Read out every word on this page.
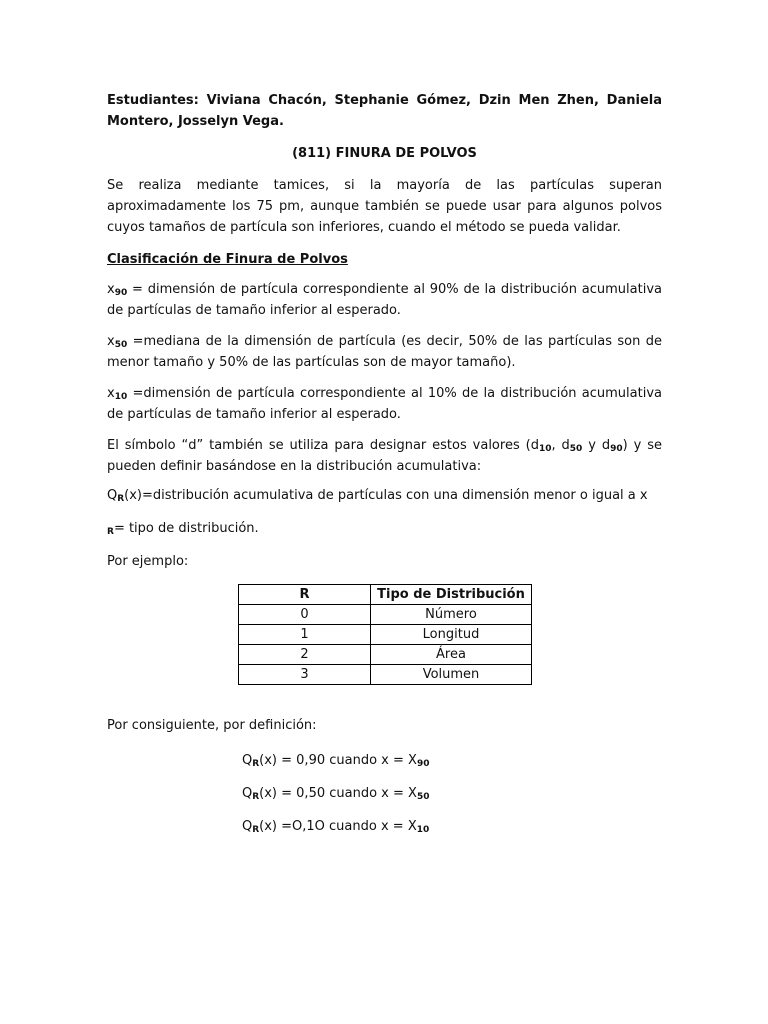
Estudiantes: Viviana Chacón, Stephanie Gómez, Dzin Men Zhen, Daniela Montero, Josselyn Vega.

(811) FINURA DE POLVOS

Se realiza mediante tamices, si la mayoría de las partículas superan aproximadamente los 75 pm, aunque también se puede usar para algunos polvos cuyos tamaños de partícula son inferiores, cuando el método se pueda validar.

Clasificación de Finura de Polvos

$x_{90}$ = dimensión de partícula correspondiente al 90% de la distribución acumulativa de partículas de tamaño inferior al esperado.

$x_{50}$ =mediana de la dimensión de partícula (es decir, 50% de las partículas son de menor tamaño y 50% de las partículas son de mayor tamaño).

$x_{10}$ =dimensión de partícula correspondiente al 10% de la distribución acumulativa de partículas de tamaño inferior al esperado.

El símbolo “d” también se utiliza para designar estos valores ($d_{10}$, $d_{50}$ y $d_{90}$) y se pueden definir basándose en la distribución acumulativa:

$Q_R(x)=distribución$ acumulativa de partículas con una dimensión menor o igual a x

$_R$= tipo de distribución.

Por ejemplo:

R	Tipo de Distribución
0	Número
1	Longitud
2	Área
3	Volumen

Por consiguiente, por definición:

$Q_R(x) = 0,90$ cuando $x = X_{90}$

$Q_R(x) = 0,50$ cuando $x = X_{50}$

$Q_R(x) =O,1O$ cuando $x = X_{10}$
